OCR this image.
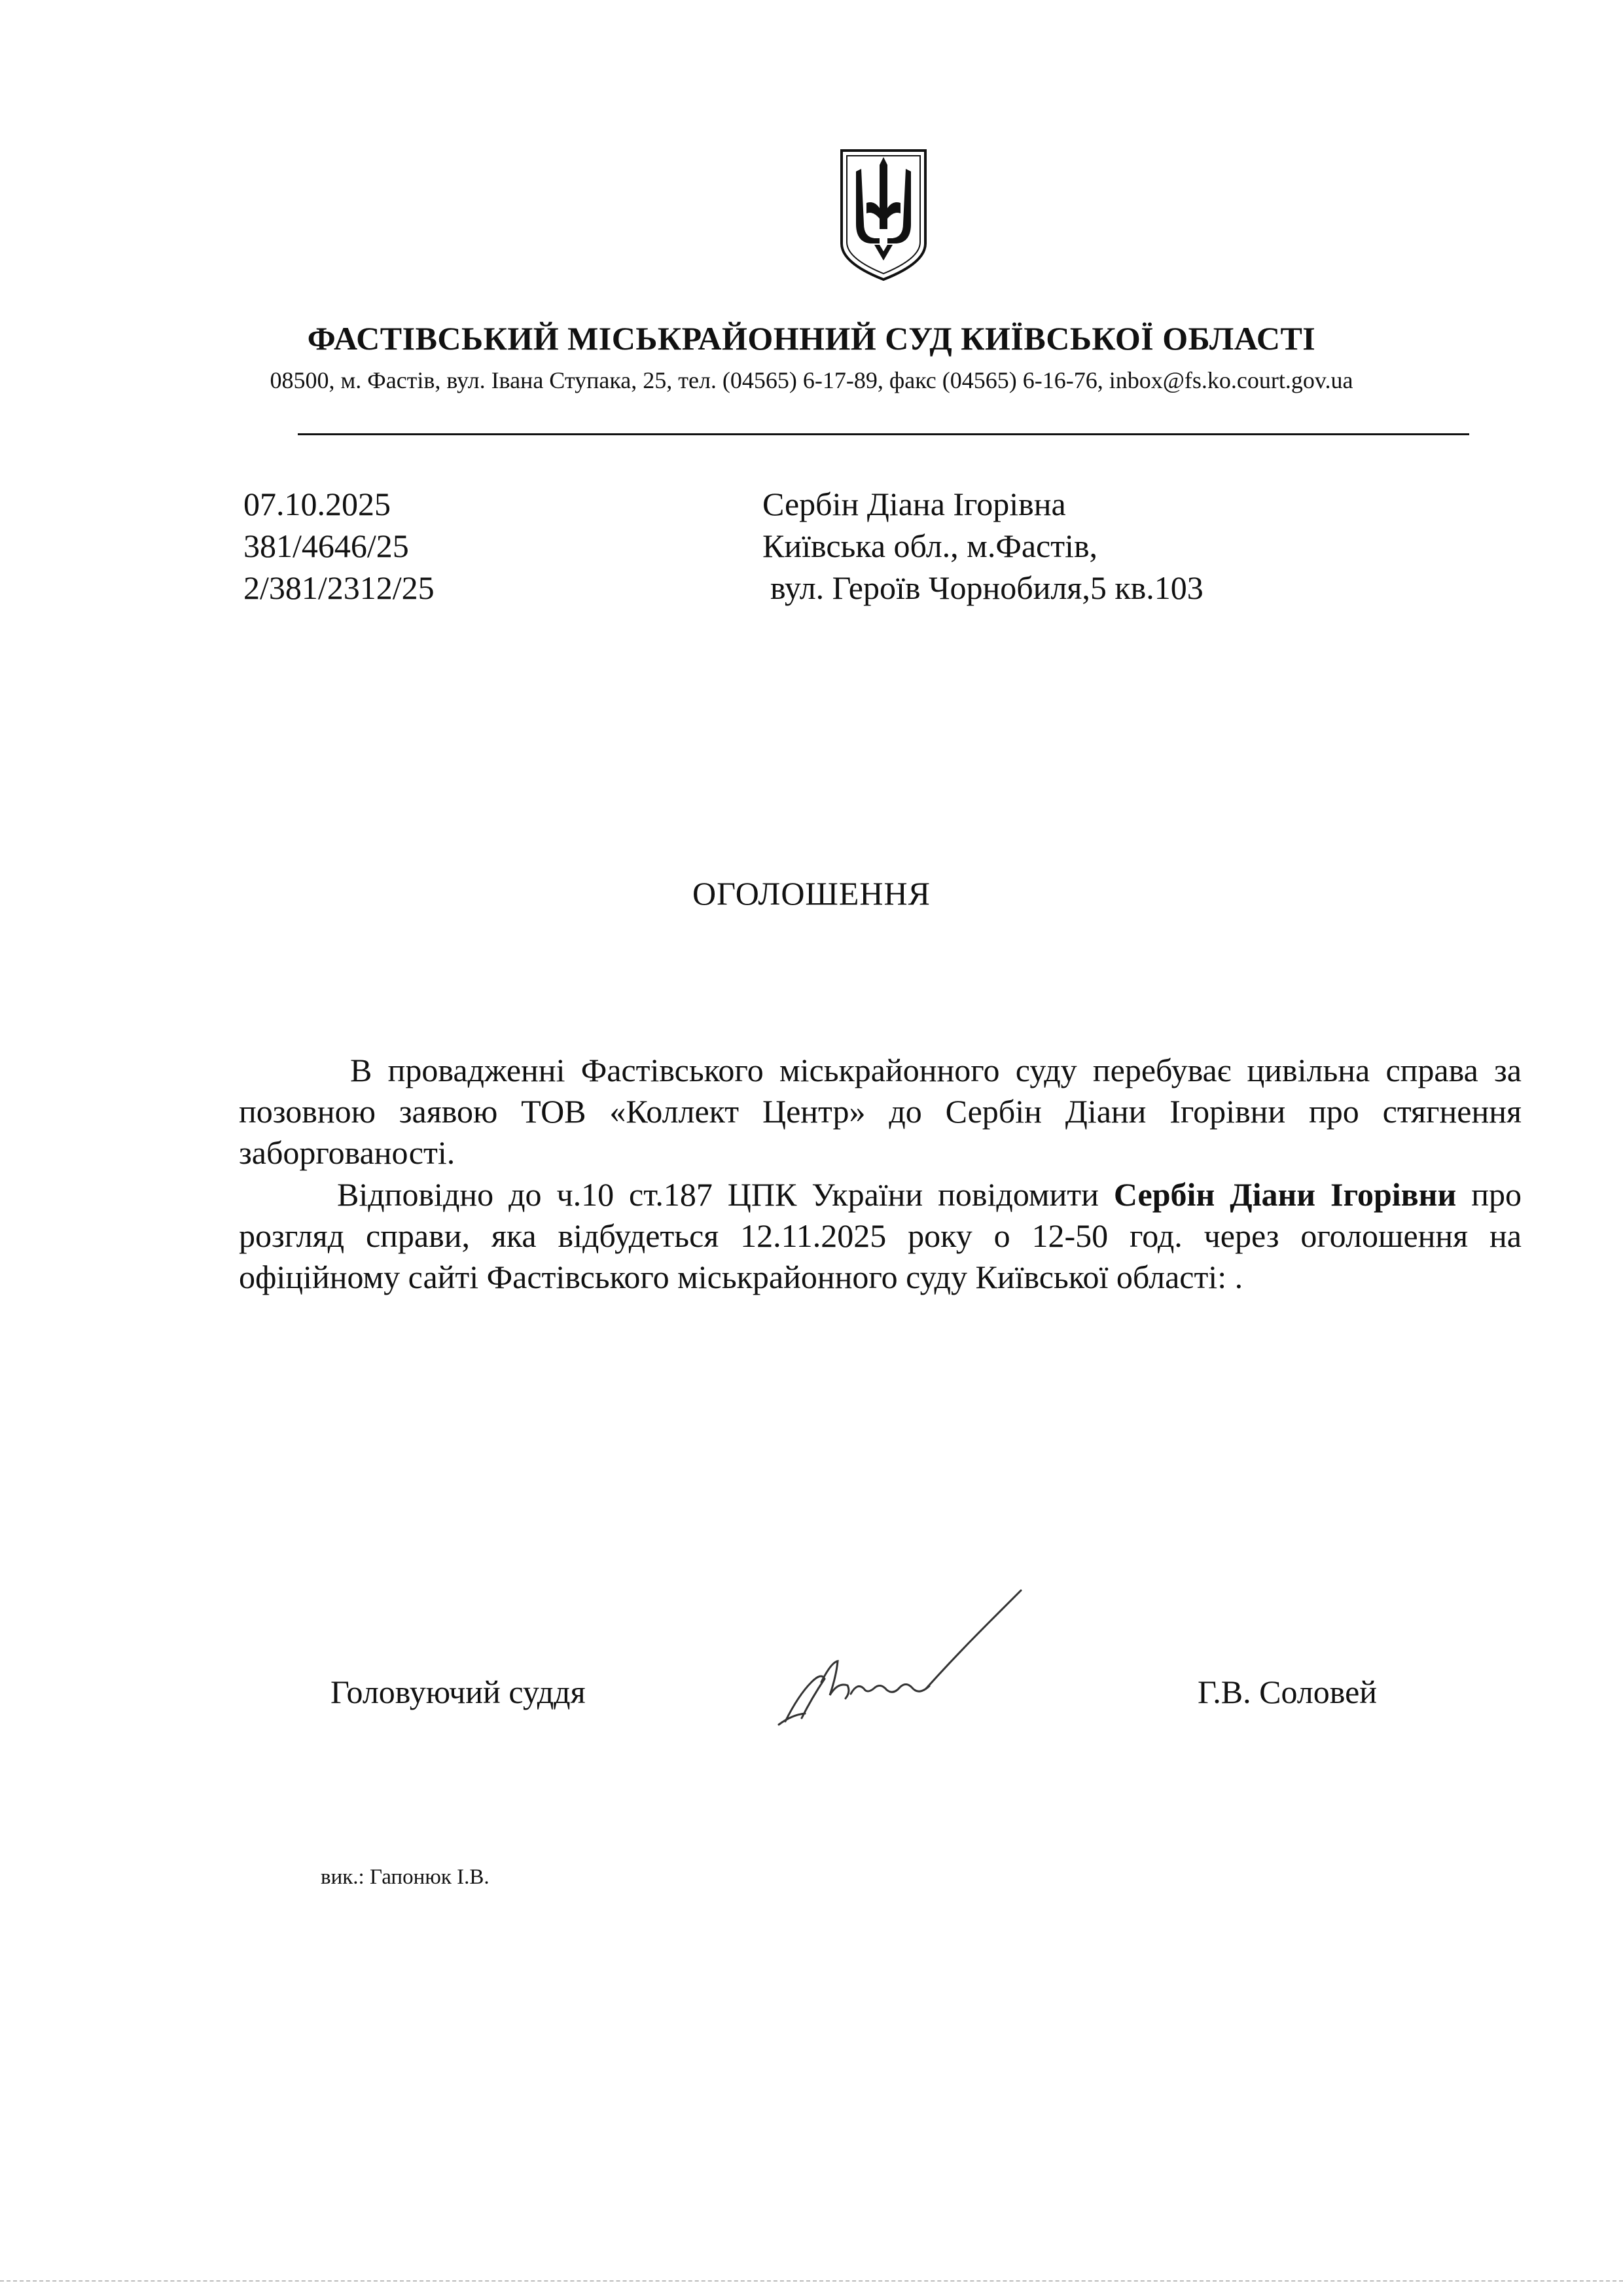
ФАСТІВСЬКИЙ МІСЬКРАЙОННИЙ СУД КИЇВСЬКОЇ ОБЛАСТІ
08500, м. Фастів, вул. Івана Ступака, 25, тел. (04565) 6-17-89, факс (04565) 6-16-76, inbox@fs.ko.court.gov.ua
07.10.2025
381/4646/25
2/381/2312/25
Сербін Діана Ігорівна
Київська обл., м.Фастів,
вул. Героїв Чорнобиля,5 кв.103
ОГОЛОШЕННЯ
В провадженні Фастівського міськрайонного суду перебуває цивільна справа за позовною заявою ТОВ «Коллект Центр» до Сербін Діани Ігорівни про стягнення заборгованості.
Відповідно до ч.10 ст.187 ЦПК України повідомити Сербін Діани Ігорівни про розгляд справи, яка відбудеться 12.11.2025 року о 12-50 год. через оголошення на офіційному сайті Фастівського міськрайонного суду Київської області: .
Головуючий суддя	Г.В. Соловей
вик.: Гапонюк І.В.
